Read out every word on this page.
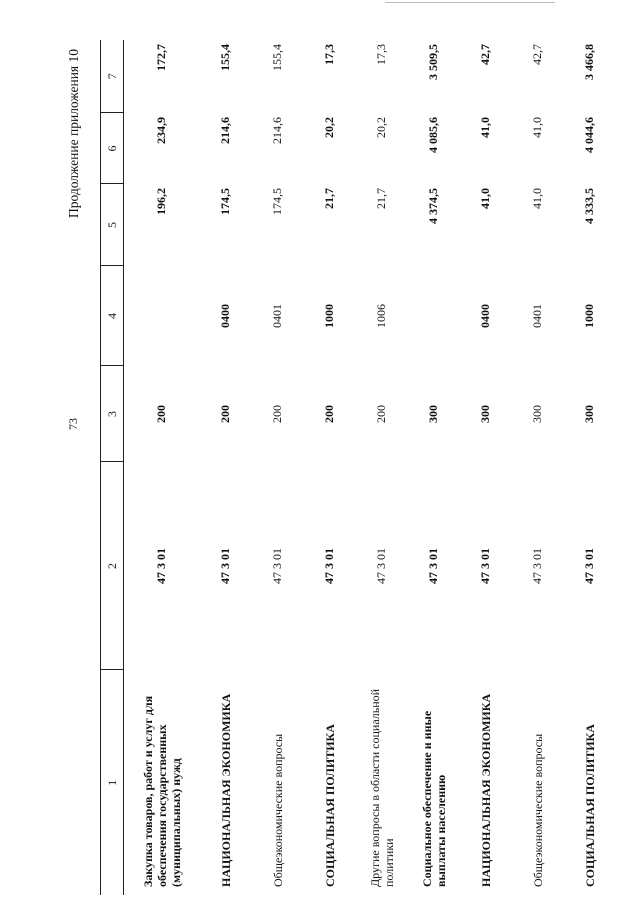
73
Продолжение приложения 10
1	2	3	4	5	6	7
Закупка товаров, работ и услуг для обеспечения государственных (муниципальных) нужд	47 3 01	200		196,2	234,9	172,7
НАЦИОНАЛЬНАЯ ЭКОНОМИКА	47 3 01	200	0400	174,5	214,6	155,4
Общеэкономические вопросы	47 3 01	200	0401	174,5	214,6	155,4
СОЦИАЛЬНАЯ ПОЛИТИКА	47 3 01	200	1000	21,7	20,2	17,3
Другие вопросы в области социальной политики	47 3 01	200	1006	21,7	20,2	17,3
Социальное обеспечение и иные выплаты населению	47 3 01	300		4 374,5	4 085,6	3 509,5
НАЦИОНАЛЬНАЯ ЭКОНОМИКА	47 3 01	300	0400	41,0	41,0	42,7
Общеэкономические вопросы	47 3 01	300	0401	41,0	41,0	42,7
СОЦИАЛЬНАЯ ПОЛИТИКА	47 3 01	300	1000	4 333,5	4 044,6	3 466,8
